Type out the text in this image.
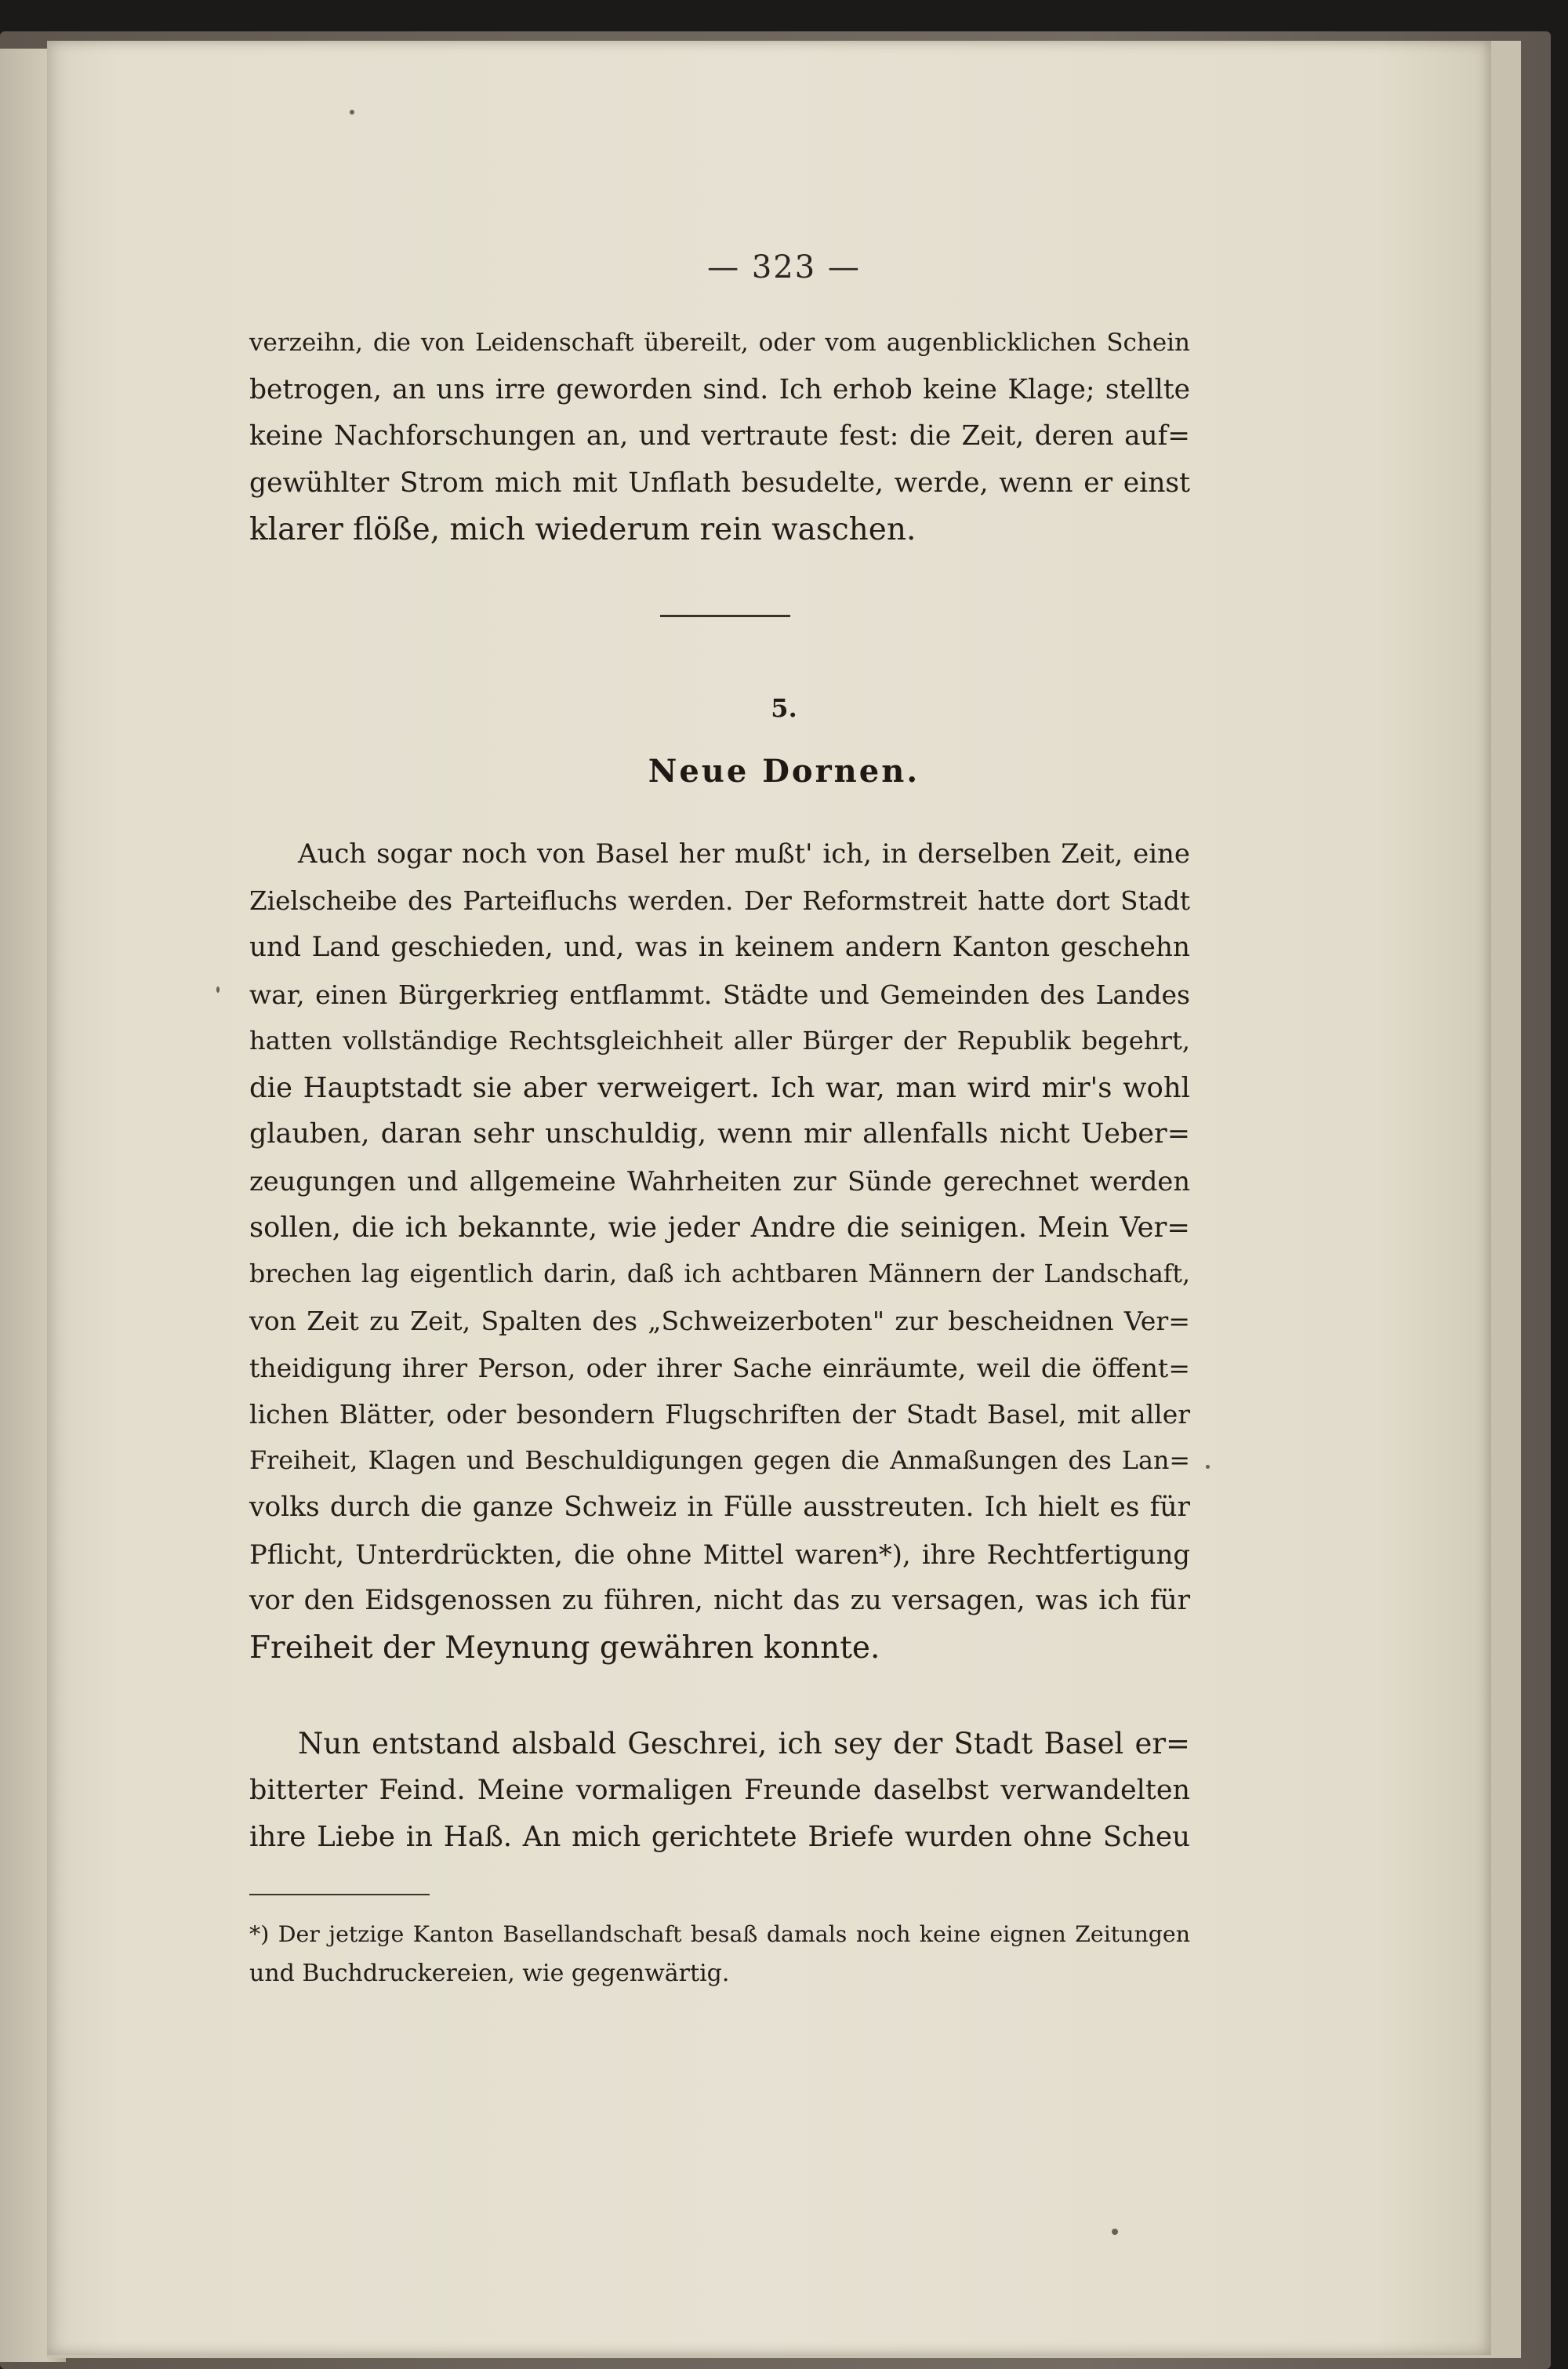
— 323 —
verzeihn, die von Leidenschaft übereilt, oder vom augenblicklichen Schein
betrogen, an uns irre geworden sind. Ich erhob keine Klage; stellte
keine Nachforschungen an, und vertraute fest: die Zeit, deren auf=
gewühlter Strom mich mit Unflath besudelte, werde, wenn er einst
klarer flöße, mich wiederum rein waschen.
5.
Neue Dornen.
Auch sogar noch von Basel her mußt' ich, in derselben Zeit, eine
Zielscheibe des Parteifluchs werden. Der Reformstreit hatte dort Stadt
und Land geschieden, und, was in keinem andern Kanton geschehn
war, einen Bürgerkrieg entflammt. Städte und Gemeinden des Landes
hatten vollständige Rechtsgleichheit aller Bürger der Republik begehrt,
die Hauptstadt sie aber verweigert. Ich war, man wird mir's wohl
glauben, daran sehr unschuldig, wenn mir allenfalls nicht Ueber=
zeugungen und allgemeine Wahrheiten zur Sünde gerechnet werden
sollen, die ich bekannte, wie jeder Andre die seinigen. Mein Ver=
brechen lag eigentlich darin, daß ich achtbaren Männern der Landschaft,
von Zeit zu Zeit, Spalten des „Schweizerboten" zur bescheidnen Ver=
theidigung ihrer Person, oder ihrer Sache einräumte, weil die öffent=
lichen Blätter, oder besondern Flugschriften der Stadt Basel, mit aller
Freiheit, Klagen und Beschuldigungen gegen die Anmaßungen des Lan=
volks durch die ganze Schweiz in Fülle ausstreuten. Ich hielt es für
Pflicht, Unterdrückten, die ohne Mittel waren*), ihre Rechtfertigung
vor den Eidsgenossen zu führen, nicht das zu versagen, was ich für
Freiheit der Meynung gewähren konnte.
Nun entstand alsbald Geschrei, ich sey der Stadt Basel er=
bitterter Feind. Meine vormaligen Freunde daselbst verwandelten
ihre Liebe in Haß. An mich gerichtete Briefe wurden ohne Scheu
*) Der jetzige Kanton Basellandschaft besaß damals noch keine eignen Zeitungen
und Buchdruckereien, wie gegenwärtig.
